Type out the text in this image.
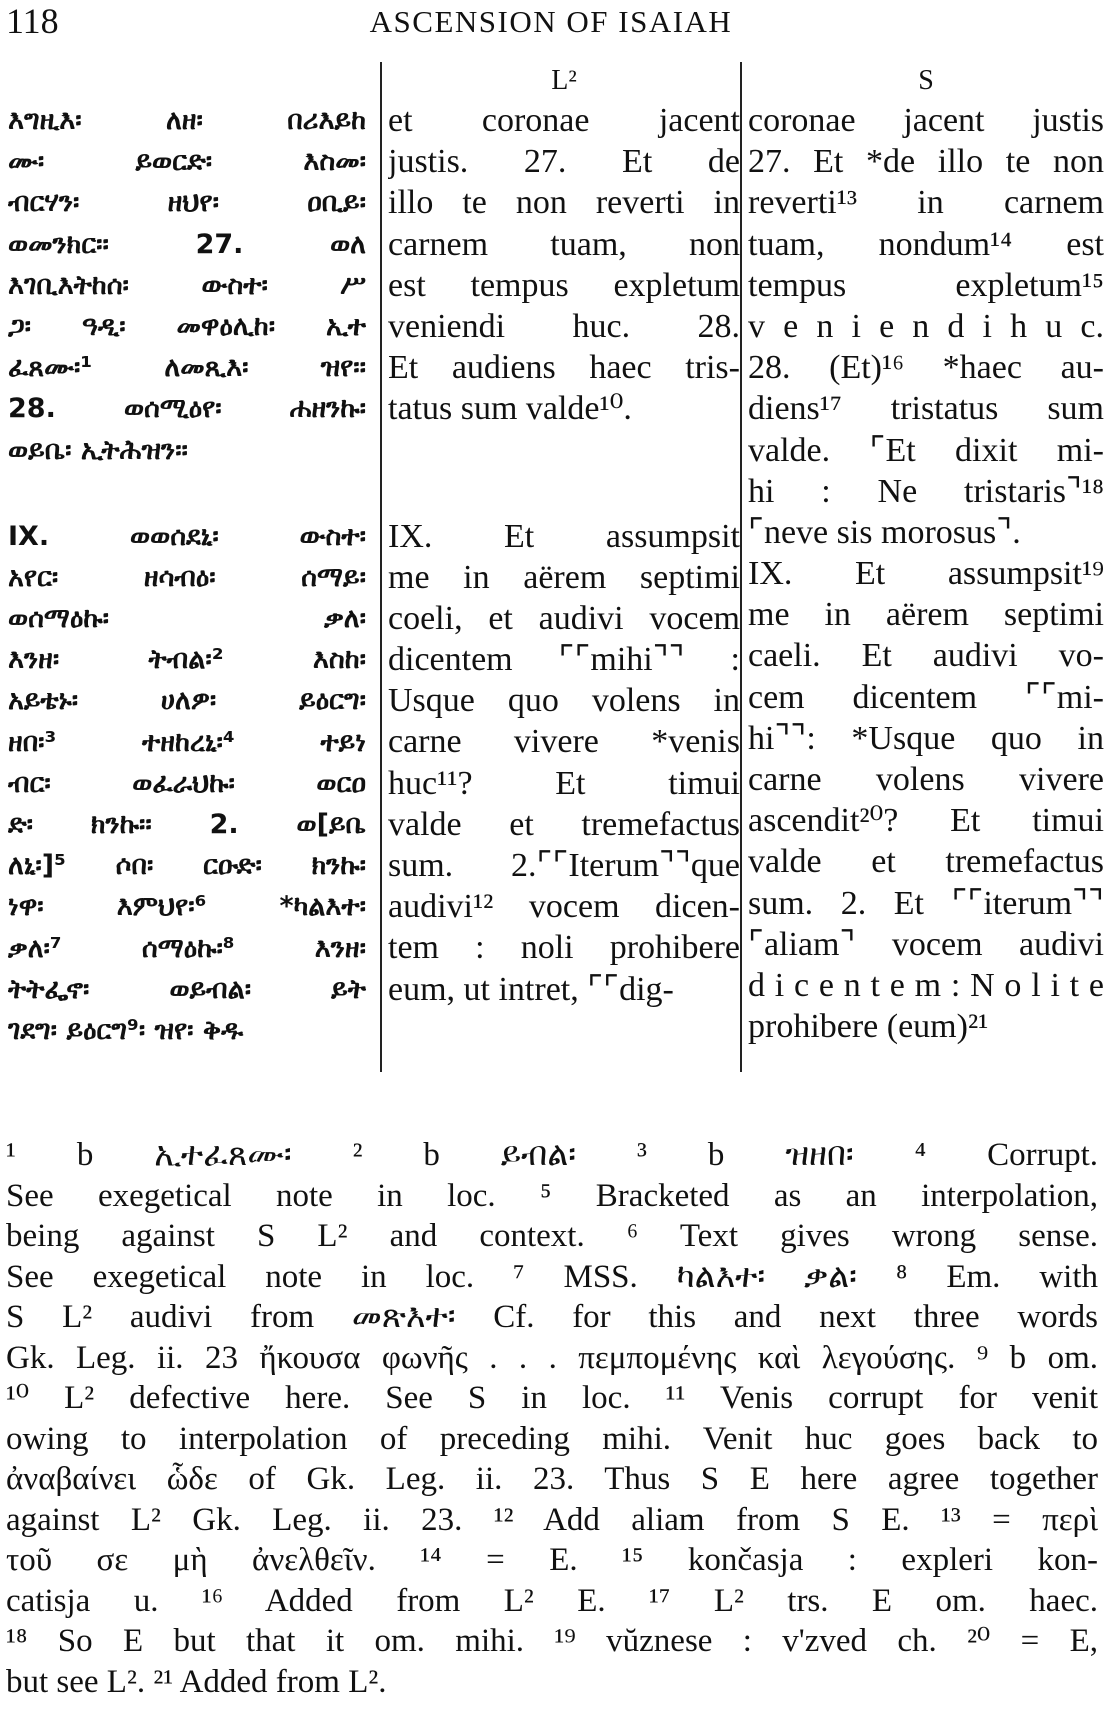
118	ASCENSION OF ISAIAH
እግዚእ፡ ለዘ፡ በሪእይከ
ሙ፡ ይወርድ፡ እስመ፡
ብርሃን፡ ዘህየ፡ ዐቢይ፡
ወመንክር፡፡ 27. ወለ
እገቢእትከሰ፡ ውስተ፡ ሥ
ጋ፡ ዓዲ፡ መዋዕሊከ፡ ኢተ
ፈጸሙ፡¹ ለመጺእ፡ ዝየ፡፡
28. ወሰሚዕየ፡ ሐዘንኩ፡
ወይቤ፡ ኢትሕዝን፡፡
IX. ወወሰደኒ፡ ውስተ፡
አየር፡ ዘሳብዕ፡ ሰማይ፡
ወሰማዕኩ፡ ቃለ፡
እንዘ፡ ትብል፡² እስከ፡
አይቴኑ፡ ሀለዎ፡ ይዕርግ፡
ዘበ፡³ ተዘከረኒ፡⁴ ተይነ
ብር፡ ወፈራህኩ፡ ወርዐ
ድ፡ ክንኩ፡፡ 2. ወ[ይቤ
ለኒ፡]⁵ ሶበ፡ ርዑድ፡ ክንኩ፡
ነዋ፡ እምህየ፡⁶ *ካልእተ፡
ቃለ፡⁷ ሰማዕኩ፡⁸ እንዘ፡
ትትፌኖ፡ ወይብል፡ ይት
ገደግ፡ ይዕርግ⁹፡ ዝየ፡ ቅዱ
L²
et coronae jacent
justis. 27. Et de
illo te non reverti in
carnem tuam, non
est tempus expletum
veniendi huc. 28.
Et audiens haec tris-
tatus sum valde¹⁰.
IX. Et assumpsit
me in aërem septimi
coeli, et audivi vocem
dicentem ⌜⌜mihi⌝⌝ :
Usque quo volens in
carne vivere *venis
huc¹¹? Et timui
valde et tremefactus
sum. 2.⌜⌜Iterum⌝⌝que
audivi¹² vocem dicen-
tem : noli prohibere
eum, ut intret, ⌜⌜dig-
S
coronae jacent justis
27. Et *de illo te non
reverti¹³ in carnem
tuam, nondum¹⁴ est
tempus expletum¹⁵
v e n i e n d i h u c.
28. (Et)¹⁶ *haec au-
diens¹⁷ tristatus sum
valde. ⌜Et dixit mi-
hi : Ne tristaris⌝¹⁸
⌜neve sis morosus⌝.
IX. Et assumpsit¹⁹
me in aërem septimi
caeli. Et audivi vo-
cem dicentem ⌜⌜mi-
hi⌝⌝: *Usque quo in
carne volens vivere
ascendit²⁰? Et timui
valde et tremefactus
sum. 2. Et ⌜⌜iterum⌝⌝
⌜aliam⌝ vocem audivi
d i c e n t e m : N o l i t e
prohibere (eum)²¹
¹ b ኢተፈጸሙ፡ ² b ይብል፡ ³ b ዝዘበ፡ ⁴ Corrupt.
See exegetical note in loc. ⁵ Bracketed as an interpolation,
being against S L² and context. ⁶ Text gives wrong sense.
See exegetical note in loc. ⁷ MSS. ካልእተ፡ ቃል፡ ⁸ Em. with
S L² audivi from መጽእተ፡ Cf. for this and next three words
Gk. Leg. ii. 23 ἤκουσα φωνῆς . . . πεμπομένης καὶ λεγούσης. ⁹ b om.
¹⁰ L² defective here. See S in loc. ¹¹ Venis corrupt for venit
owing to interpolation of preceding mihi. Venit huc goes back to
ἀναβαίνει ὧδε of Gk. Leg. ii. 23. Thus S E here agree together
against L² Gk. Leg. ii. 23. ¹² Add aliam from S E. ¹³ = περὶ
τοῦ σε μὴ ἀνελθεῖν. ¹⁴ = E. ¹⁵ končasja : expleri kon-
catisja u. ¹⁶ Added from L² E. ¹⁷ L² trs. E om. haec.
¹⁸ So E but that it om. mihi. ¹⁹ vŭznese : v'zved ch. ²⁰ = E,
but see L². ²¹ Added from L².
